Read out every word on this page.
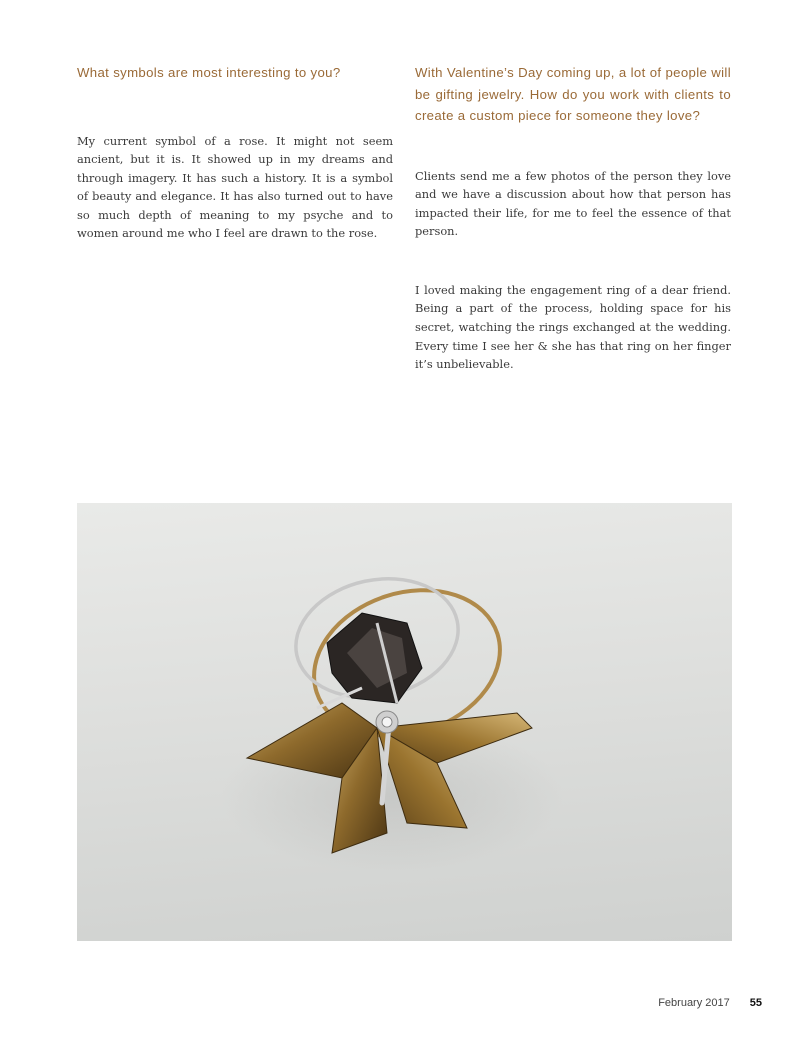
What symbols are most interesting to you?

My current symbol of a rose. It might not seem ancient, but it is. It showed up in my dreams and through imagery. It has such a history. It is a symbol of beauty and elegance. It has also turned out to have so much depth of meaning to my psyche and to women around me who I feel are drawn to the rose.

With Valentine’s Day coming up, a lot of people will be gifting jewelry. How do you work with clients to create a custom piece for someone they love?

Clients send me a few photos of the person they love and we have a discussion about how that person has impacted their life, for me to feel the essence of that person.

I loved making the engagement ring of a dear friend. Being a part of the process, holding space for his secret, watching the rings exchanged at the wedding. Every time I see her & she has that ring on her finger it’s unbelievable.

February 2017 55
